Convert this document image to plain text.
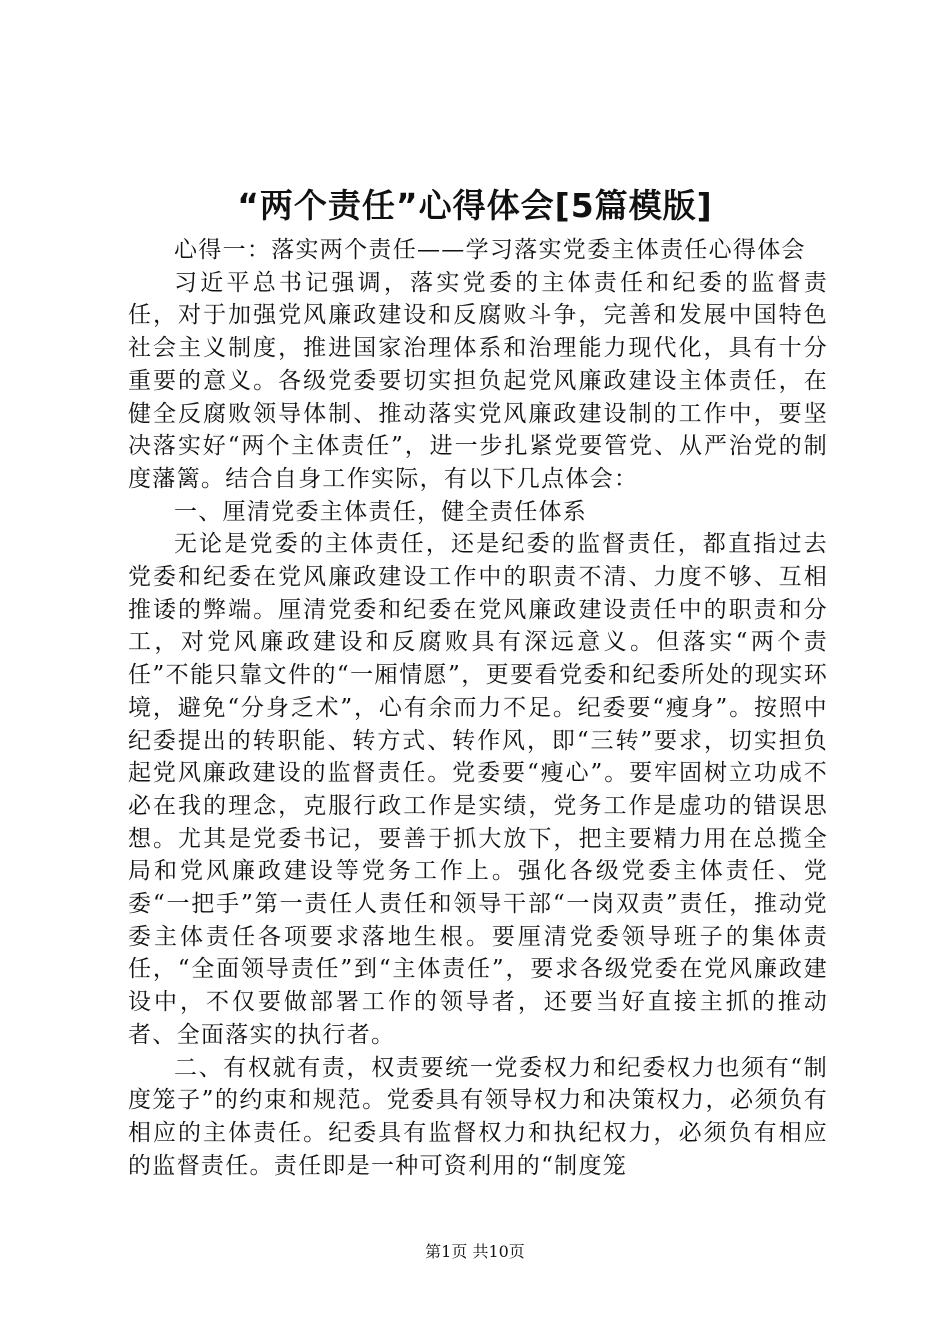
“两个责任”心得体会[5篇模版]

心得一：落实两个责任——学习落实党委主体责任心得体会

习近平总书记强调，落实党委的主体责任和纪委的监督责任，对于加强党风廉政建设和反腐败斗争，完善和发展中国特色社会主义制度，推进国家治理体系和治理能力现代化，具有十分重要的意义。各级党委要切实担负起党风廉政建设主体责任，在健全反腐败领导体制、推动落实党风廉政建设制的工作中，要坚决落实好“两个主体责任”，进一步扎紧党要管党、从严治党的制度藩篱。结合自身工作实际，有以下几点体会：

一、厘清党委主体责任，健全责任体系

无论是党委的主体责任，还是纪委的监督责任，都直指过去党委和纪委在党风廉政建设工作中的职责不清、力度不够、互相推诿的弊端。厘清党委和纪委在党风廉政建设责任中的职责和分工，对党风廉政建设和反腐败具有深远意义。但落实“两个责任”不能只靠文件的“一厢情愿”，更要看党委和纪委所处的现实环境，避免“分身乏术”，心有余而力不足。纪委要“瘦身”。按照中纪委提出的转职能、转方式、转作风，即“三转”要求，切实担负起党风廉政建设的监督责任。党委要“瘦心”。要牢固树立功成不必在我的理念，克服行政工作是实绩，党务工作是虚功的错误思想。尤其是党委书记，要善于抓大放下，把主要精力用在总揽全局和党风廉政建设等党务工作上。强化各级党委主体责任、党委“一把手”第一责任人责任和领导干部“一岗双责”责任，推动党委主体责任各项要求落地生根。要厘清党委领导班子的集体责任，“全面领导责任”到“主体责任”，要求各级党委在党风廉政建设中，不仅要做部署工作的领导者，还要当好直接主抓的推动者、全面落实的执行者。

二、有权就有责，权责要统一党委权力和纪委权力也须有“制度笼子”的约束和规范。党委具有领导权力和决策权力，必须负有相应的主体责任。纪委具有监督权力和执纪权力，必须负有相应的监督责任。责任即是一种可资利用的“制度笼

第1页 共10页
